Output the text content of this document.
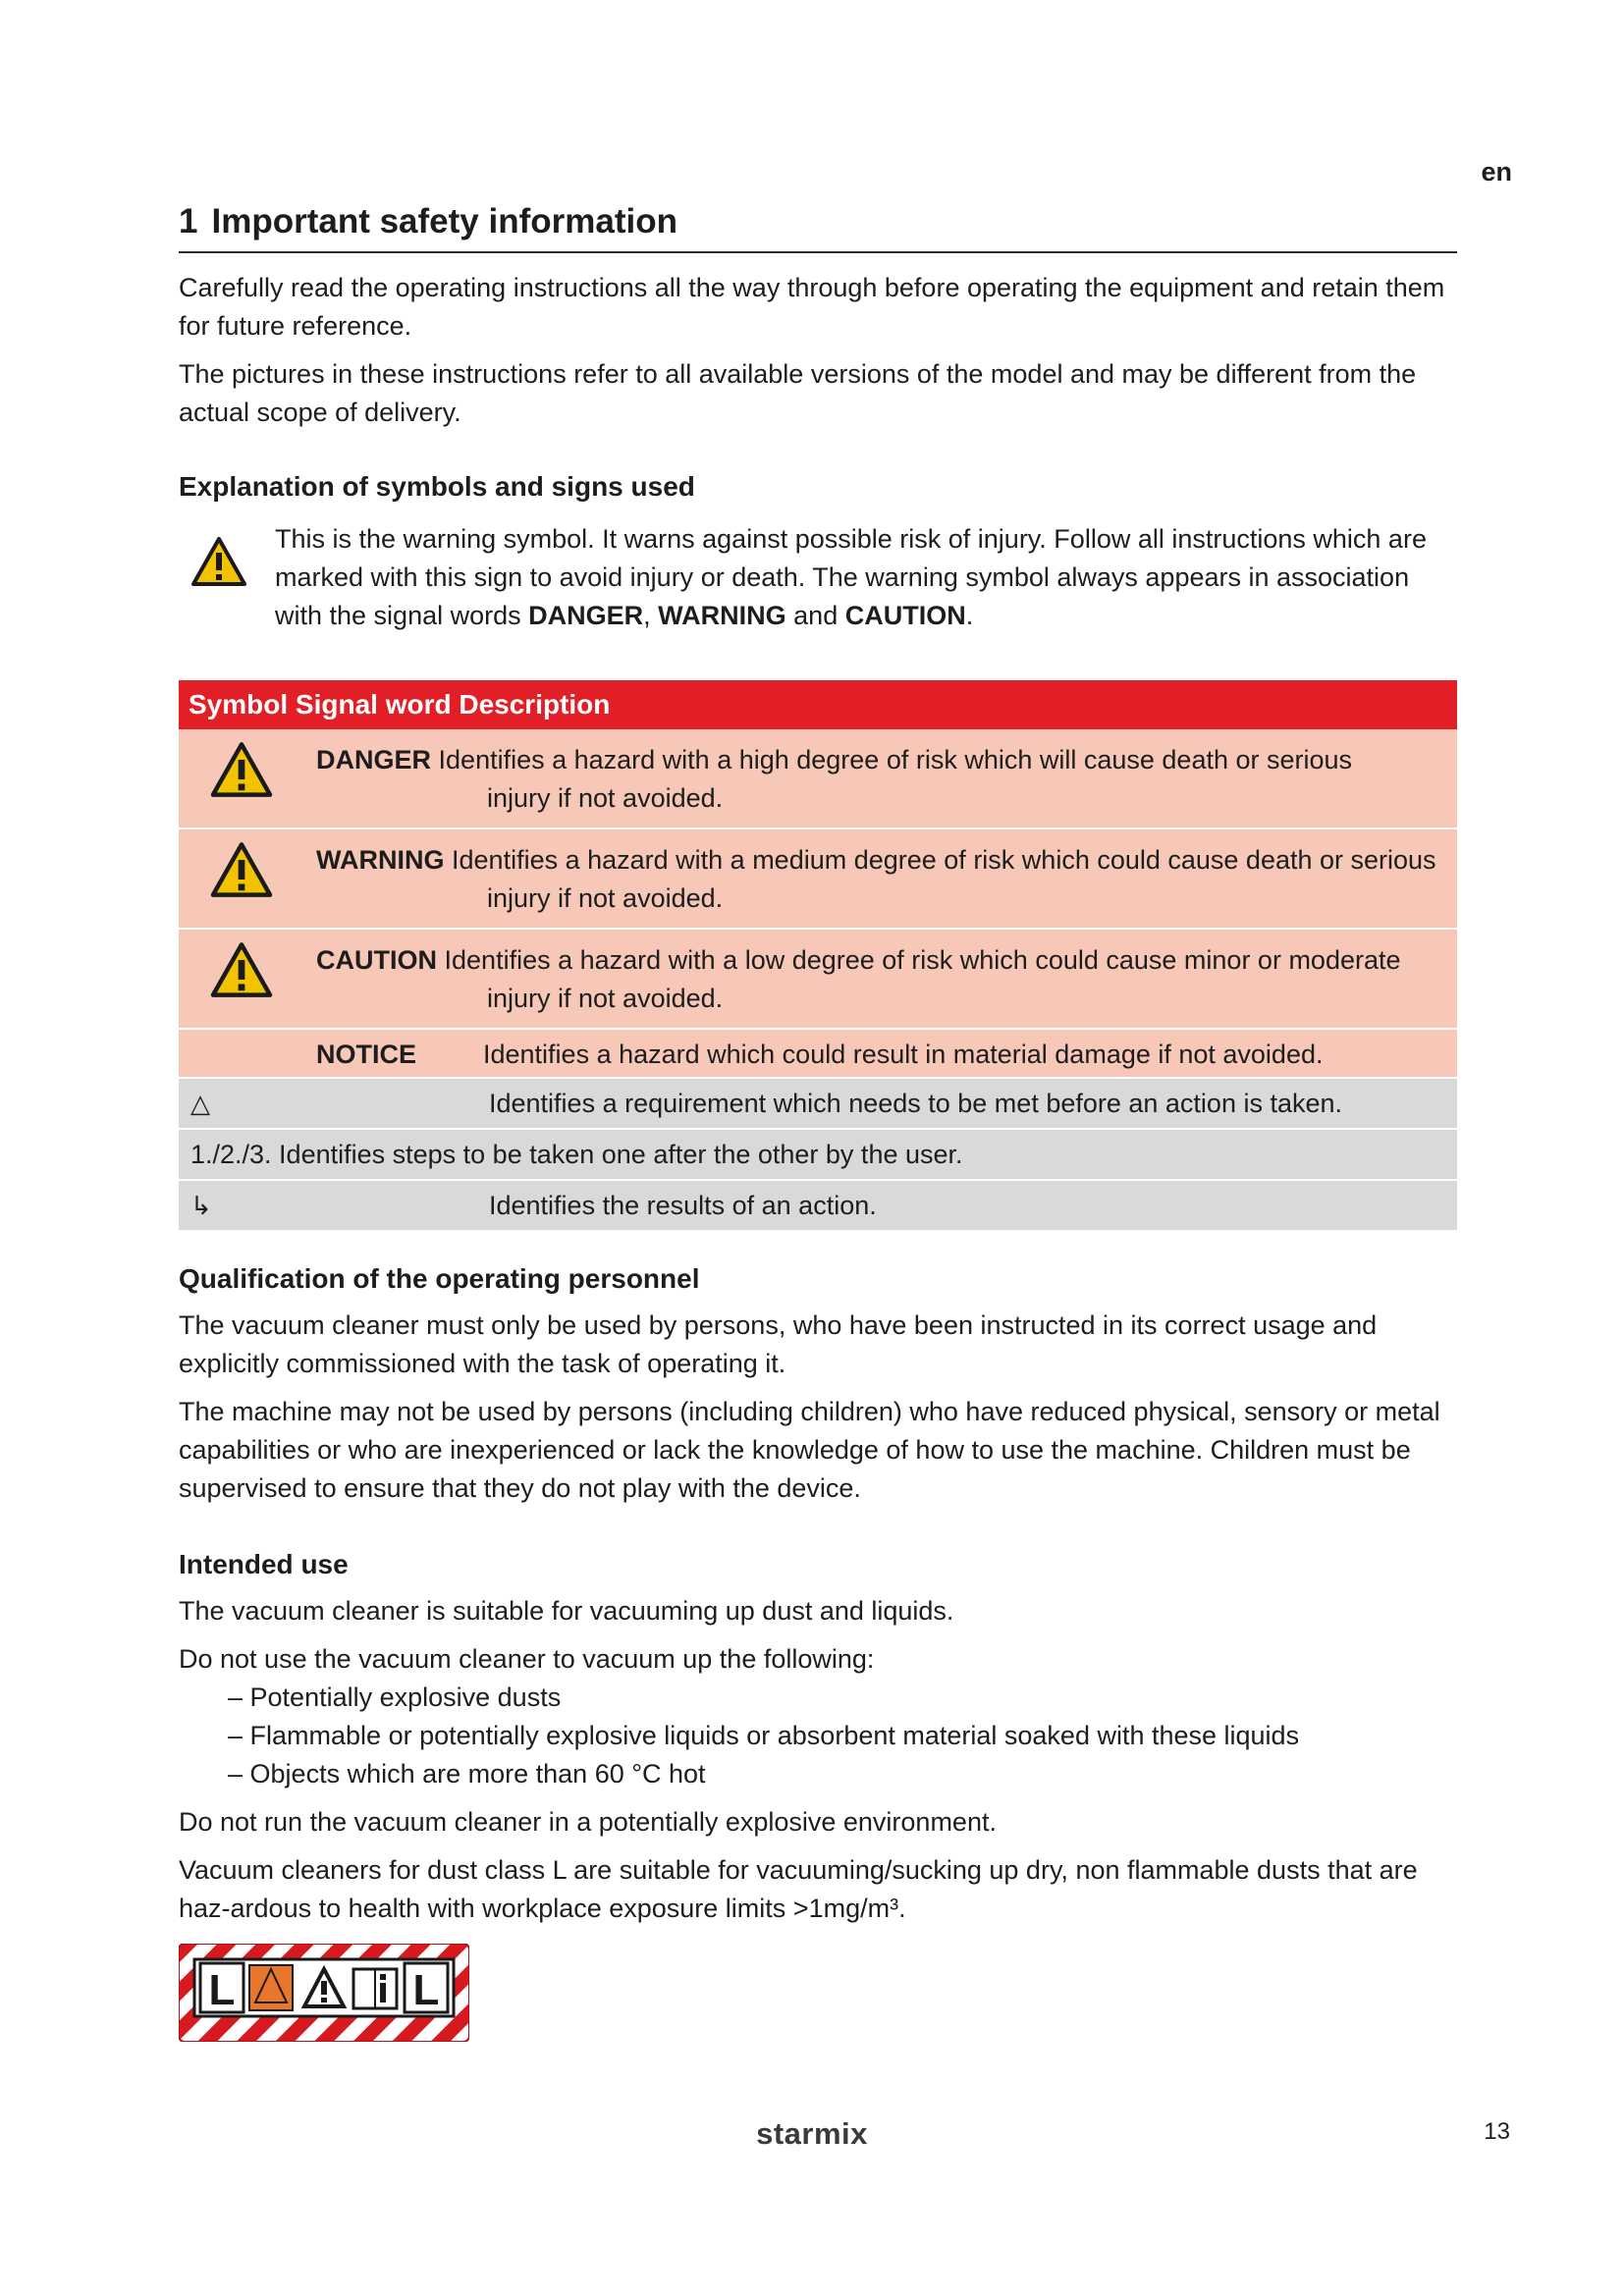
en
1 Important safety information

Carefully read the operating instructions all the way through before operating the equipment and retain them for future reference.

The pictures in these instructions refer to all available versions of the model and may be different from the actual scope of delivery.

Explanation of symbols and signs used

This is the warning symbol. It warns against possible risk of injury. Follow all instructions which are marked with this sign to avoid injury or death. The warning symbol always appears in association with the signal words DANGER, WARNING and CAUTION.

Symbol Signal word Description	
	DANGER Identifies a hazard with a high degree of risk which will cause death or serious
injury if not avoided.

	WARNING Identifies a hazard with a medium degree of risk which could cause death or serious
injury if not avoided.

	CAUTION Identifies a hazard with a low degree of risk which could cause minor or moderate
injury if not avoided.

	NOTICE Identifies a hazard which could result in material damage if not avoided.

△ Identifies a requirement which needs to be met before an action is taken.	

1./2./3. Identifies steps to be taken one after the other by the user.	

↳ Identifies the results of an action.	
Qualification of the operating personnel

The vacuum cleaner must only be used by persons, who have been instructed in its correct usage and explicitly commissioned with the task of operating it.

The machine may not be used by persons (including children) who have reduced physical, sensory or metal capabilities or who are inexperienced or lack the knowledge of how to use the machine. Children must be supervised to ensure that they do not play with the device.

Intended use

The vacuum cleaner is suitable for vacuuming up dust and liquids.

Do not use the vacuum cleaner to vacuum up the following:

– Potentially explosive dusts
– Flammable or potentially explosive liquids or absorbent material soaked with these liquids
– Objects which are more than 60 °C hot

Do not run the vacuum cleaner in a potentially explosive environment.

Vacuum cleaners for dust class L are suitable for vacuuming/sucking up dry, non flammable dusts that are haz-ardous to health with workplace exposure limits >1mg/m³.

L	L
starmix	13
